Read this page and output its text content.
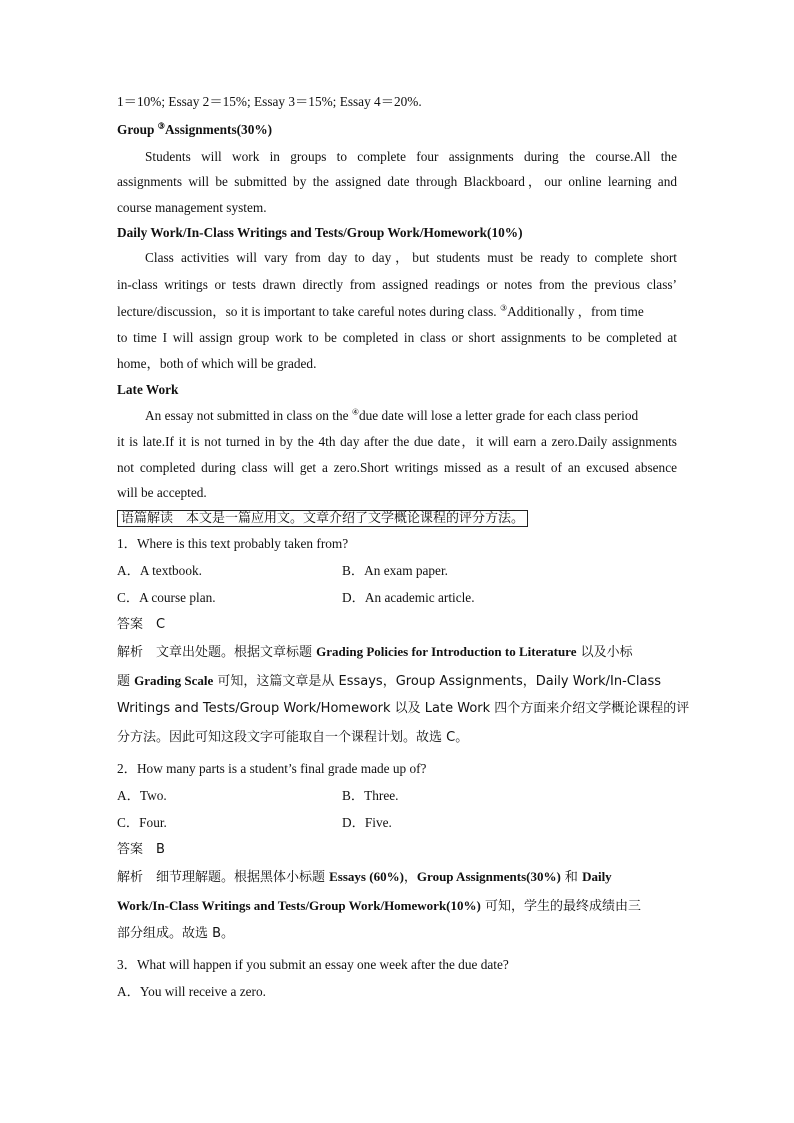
1＝10%; Essay 2＝15%; Essay 3＝15%; Essay 4＝20%.
Group ③Assignments(30%)
Students will work in groups to complete four assignments during the course.All the
assignments will be submitted by the assigned date through Blackboard，our online learning and
course management system.
Daily Work/In-Class Writings and Tests/Group Work/Homework(10%)
Class activities will vary from day to day，but students must be ready to complete short
in-class writings or tests drawn directly from assigned readings or notes from the previous class’
lecture/discussion，so it is important to take careful notes during class. ③Additionally ，from time
to time I will assign group work to be completed in class or short assignments to be completed at
home，both of which will be graded.
Late Work
An essay not submitted in class on the ④due date will lose a letter grade for each class period
it is late.If it is not turned in by the 4th day after the due date，it will earn a zero.Daily assignments
not completed during class will get a zero.Short writings missed as a result of an excused absence
will be accepted.
语篇解读　本文是一篇应用文。文章介绍了文学概论课程的评分方法。
1．Where is this text probably taken from?
A．A textbook.	B．An exam paper.
C．A course plan.	D．An academic article.
答案　C
解析　文章出处题。根据文章标题 Grading Policies for Introduction to Literature 以及小标
题 Grading Scale 可知，这篇文章是从 Essays，Group Assignments，Daily Work/In-Class
Writings and Tests/Group Work/Homework 以及 Late Work 四个方面来介绍文学概论课程的评
分方法。因此可知这段文字可能取自一个课程计划。故选 C。
2．How many parts is a student’s final grade made up of?
A．Two.	B．Three.
C．Four.	D．Five.
答案　B
解析　细节理解题。根据黑体小标题 Essays (60%)，Group Assignments(30%) 和 Daily
Work/In-Class Writings and Tests/Group Work/Homework(10%) 可知，学生的最终成绩由三
部分组成。故选 B。
3．What will happen if you submit an essay one week after the due date?
A．You will receive a zero.
